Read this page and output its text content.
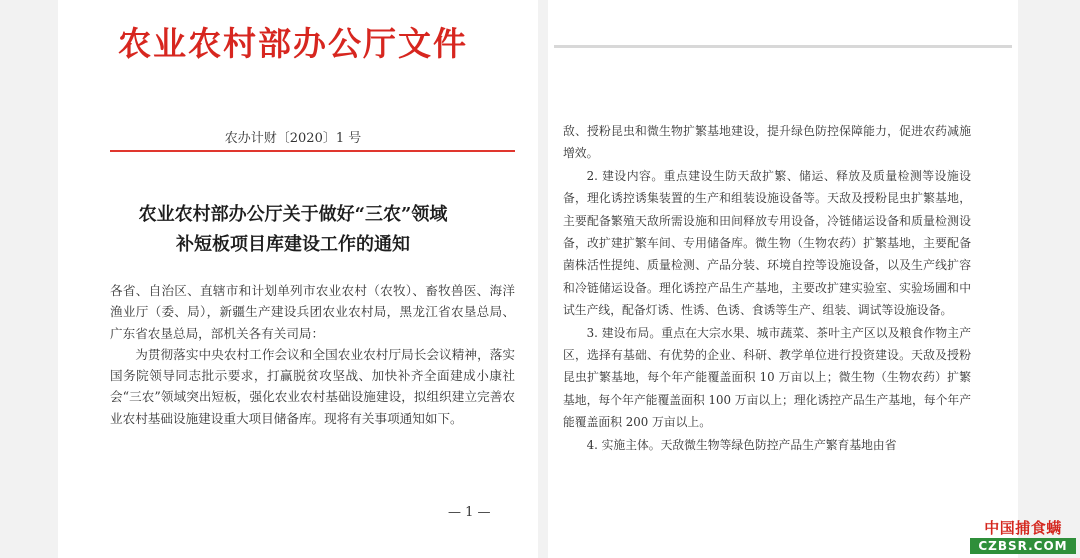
农业农村部办公厅文件
农办计财〔2020〕1 号
农业农村部办公厅关于做好“三农”领域
补短板项目库建设工作的通知

各省、自治区、直辖市和计划单列市农业农村（农牧）、畜牧兽医、海洋渔业厅（委、局），新疆生产建设兵团农业农村局，黑龙江省农垦总局、广东省农垦总局，部机关各有关司局：

为贯彻落实中央农村工作会议和全国农业农村厅局长会议精神，落实国务院领导同志批示要求，打赢脱贫攻坚战、加快补齐全面建成小康社会“三农”领域突出短板，强化农业农村基础设施建设，拟组织建立完善农业农村基础设施建设重大项目储备库。现将有关事项通知如下。

— 1 —

敌、授粉昆虫和微生物扩繁基地建设，提升绿色防控保障能力，促进农药减施增效。

2. 建设内容。重点建设生防天敌扩繁、储运、释放及质量检测等设施设备，理化诱控诱集装置的生产和组装设施设备等。天敌及授粉昆虫扩繁基地，主要配备繁殖天敌所需设施和田间释放专用设备，冷链储运设备和质量检测设备，改扩建扩繁车间、专用储备库。微生物（生物农药）扩繁基地，主要配备菌株活性提纯、质量检测、产品分装、环境自控等设施设备，以及生产线扩容和冷链储运设备。理化诱控产品生产基地，主要改扩建实验室、实验场圃和中试生产线，配备灯诱、性诱、色诱、食诱等生产、组装、调试等设施设备。

3. 建设布局。重点在大宗水果、城市蔬菜、茶叶主产区以及粮食作物主产区，选择有基础、有优势的企业、科研、教学单位进行投资建设。天敌及授粉昆虫扩繁基地，每个年产能覆盖面积 10 万亩以上；微生物（生物农药）扩繁基地，每个年产能覆盖面积 100 万亩以上；理化诱控产品生产基地，每个年产能覆盖面积 200 万亩以上。

4. 实施主体。天敌微生物等绿色防控产品生产繁育基地由省

中国捕食螨
CZBSR.COM
